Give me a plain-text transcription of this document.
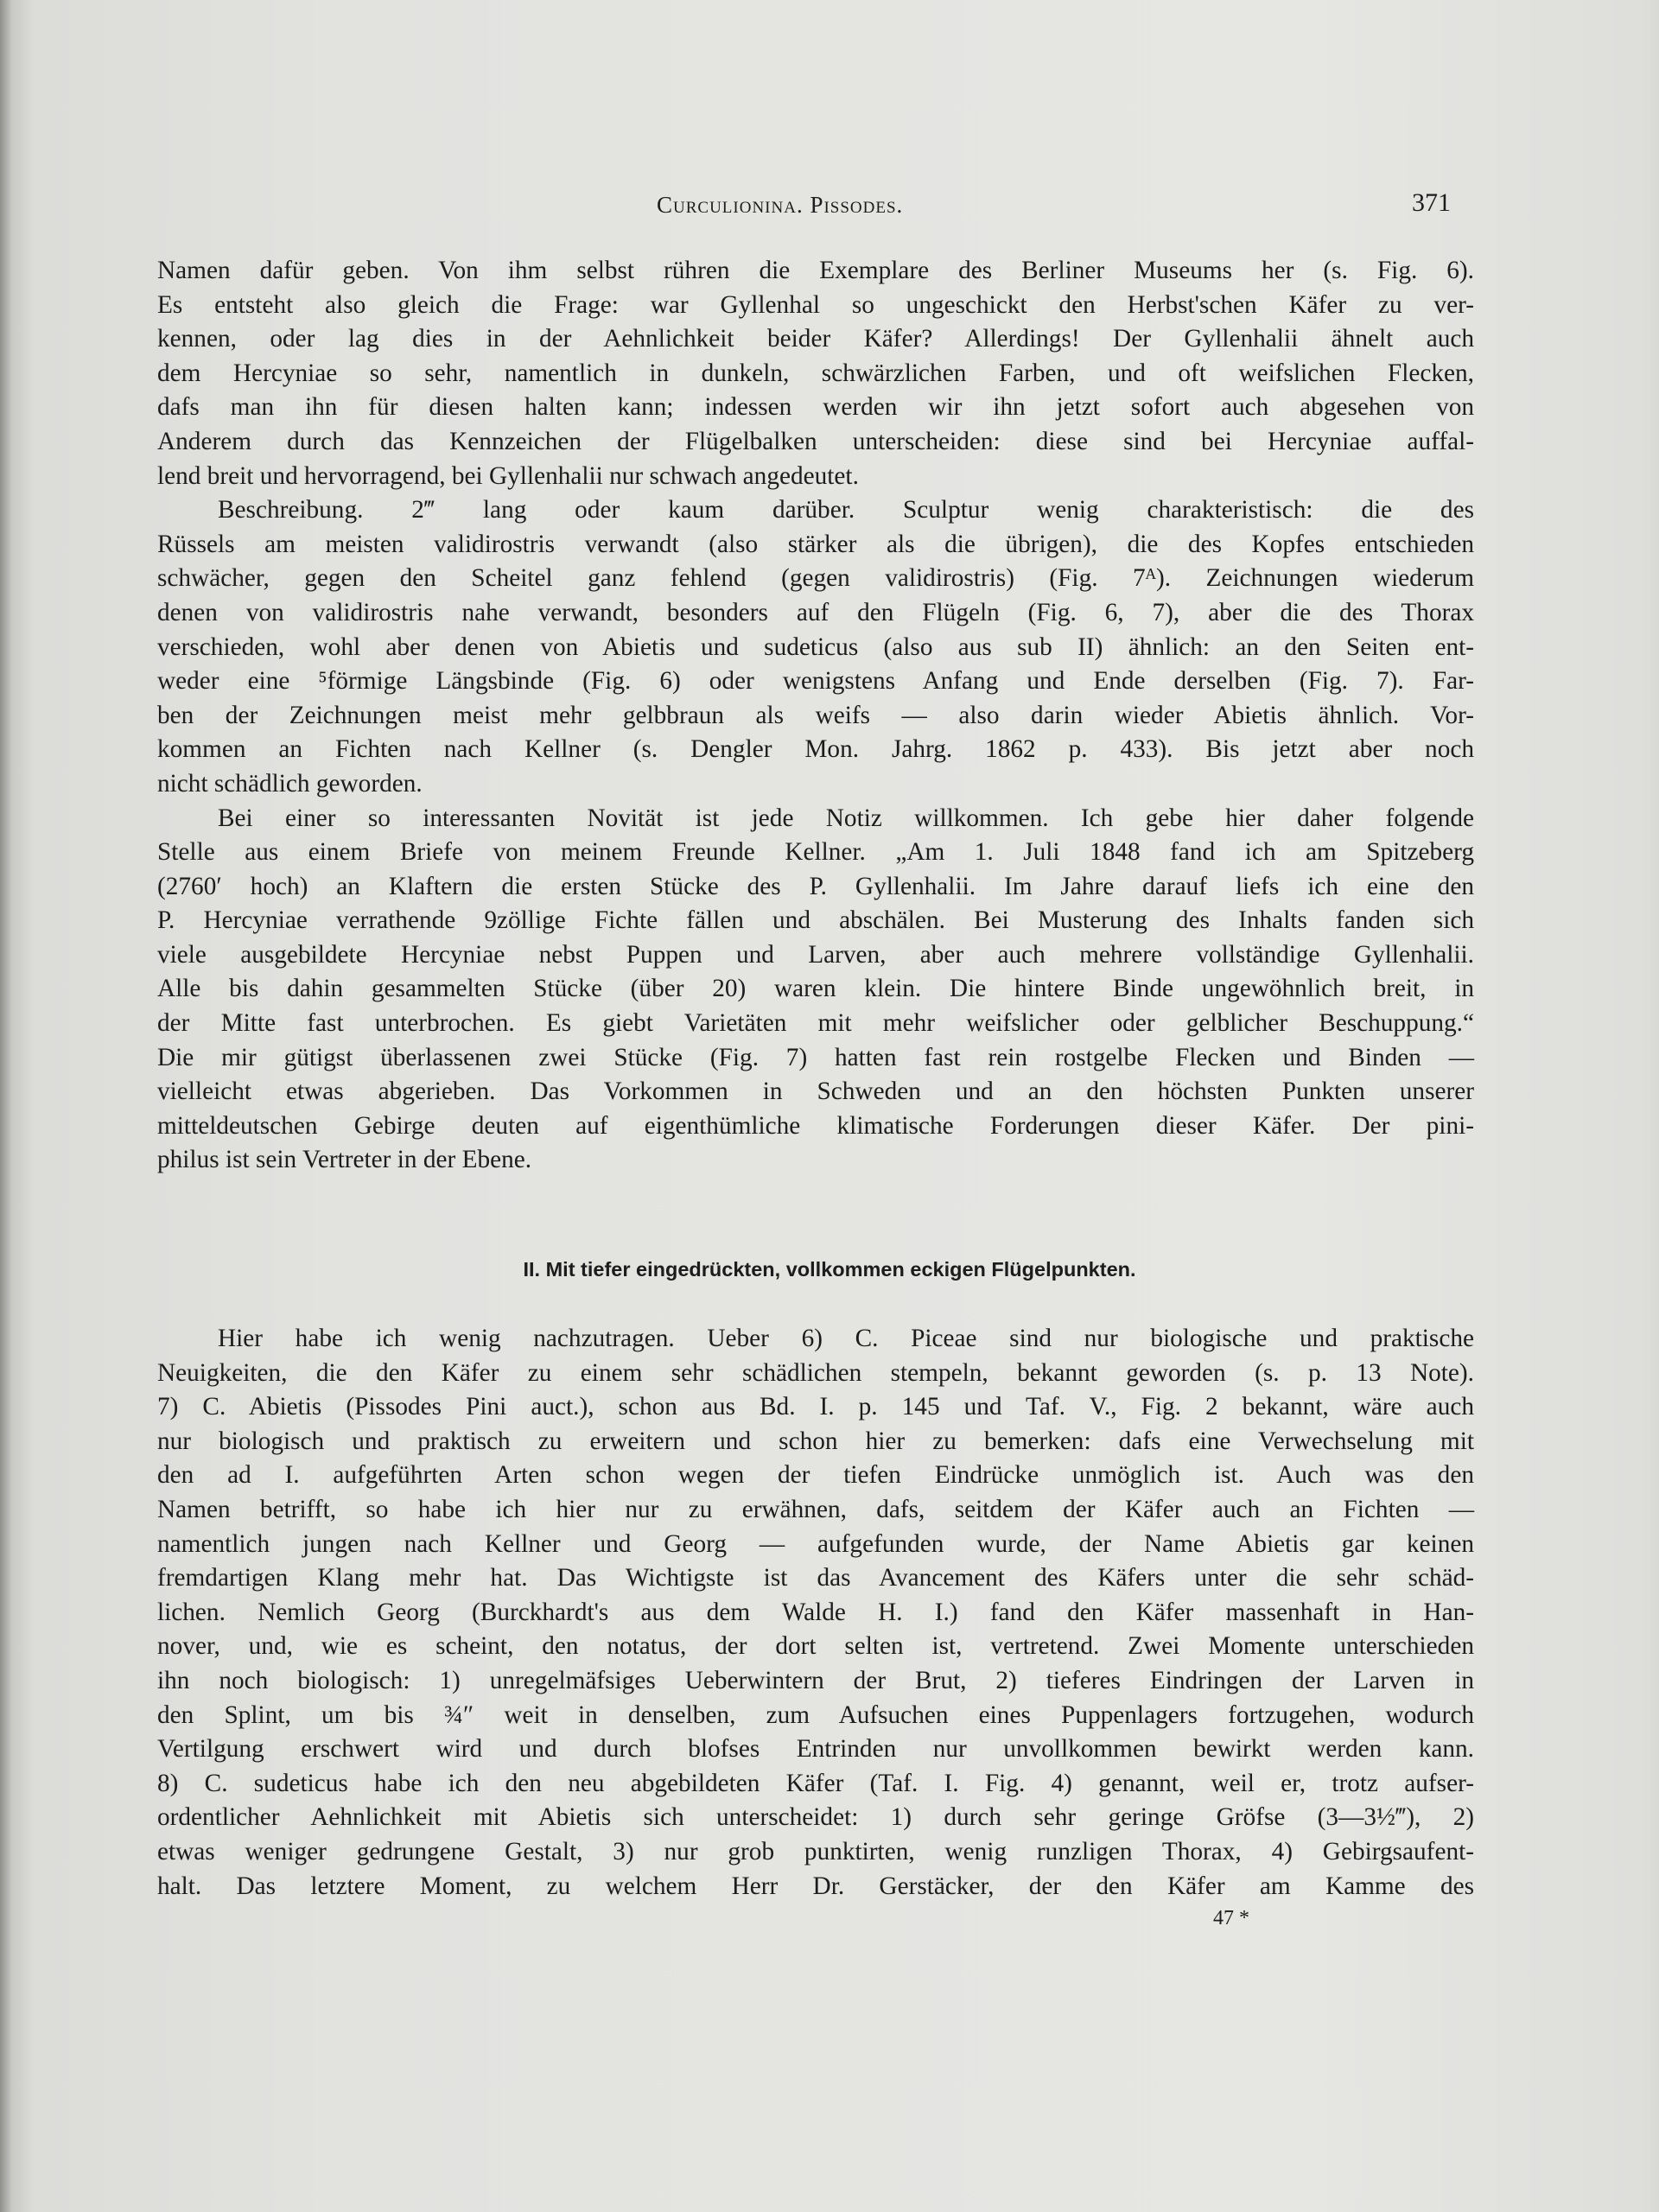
Curculionina. Pissodes.	371
Namen dafür geben. Von ihm selbst rühren die Exemplare des Berliner Museums her (s. Fig. 6).
Es entsteht also gleich die Frage: war Gyllenhal so ungeschickt den Herbst'schen Käfer zu ver-
kennen, oder lag dies in der Aehnlichkeit beider Käfer? Allerdings! Der Gyllenhalii ähnelt auch
dem Hercyniae so sehr, namentlich in dunkeln, schwärzlichen Farben, und oft weifslichen Flecken,
dafs man ihn für diesen halten kann; indessen werden wir ihn jetzt sofort auch abgesehen von
Anderem durch das Kennzeichen der Flügelbalken unterscheiden: diese sind bei Hercyniae auffal-
lend breit und hervorragend, bei Gyllenhalii nur schwach angedeutet.
Beschreibung. 2‴ lang oder kaum darüber. Sculptur wenig charakteristisch: die des
Rüssels am meisten validirostris verwandt (also stärker als die übrigen), die des Kopfes entschieden
schwächer, gegen den Scheitel ganz fehlend (gegen validirostris) (Fig. 7ᴬ). Zeichnungen wiederum
denen von validirostris nahe verwandt, besonders auf den Flügeln (Fig. 6, 7), aber die des Thorax
verschieden, wohl aber denen von Abietis und sudeticus (also aus sub II) ähnlich: an den Seiten ent-
weder eine ⁵förmige Längsbinde (Fig. 6) oder wenigstens Anfang und Ende derselben (Fig. 7). Far-
ben der Zeichnungen meist mehr gelbbraun als weifs — also darin wieder Abietis ähnlich. Vor-
kommen an Fichten nach Kellner (s. Dengler Mon. Jahrg. 1862 p. 433). Bis jetzt aber noch
nicht schädlich geworden.
Bei einer so interessanten Novität ist jede Notiz willkommen. Ich gebe hier daher folgende
Stelle aus einem Briefe von meinem Freunde Kellner. „Am 1. Juli 1848 fand ich am Spitzeberg
(2760′ hoch) an Klaftern die ersten Stücke des P. Gyllenhalii. Im Jahre darauf liefs ich eine den
P. Hercyniae verrathende 9zöllige Fichte fällen und abschälen. Bei Musterung des Inhalts fanden sich
viele ausgebildete Hercyniae nebst Puppen und Larven, aber auch mehrere vollständige Gyllenhalii.
Alle bis dahin gesammelten Stücke (über 20) waren klein. Die hintere Binde ungewöhnlich breit, in
der Mitte fast unterbrochen. Es giebt Varietäten mit mehr weifslicher oder gelblicher Beschuppung.“
Die mir gütigst überlassenen zwei Stücke (Fig. 7) hatten fast rein rostgelbe Flecken und Binden —
vielleicht etwas abgerieben. Das Vorkommen in Schweden und an den höchsten Punkten unserer
mitteldeutschen Gebirge deuten auf eigenthümliche klimatische Forderungen dieser Käfer. Der pini-
philus ist sein Vertreter in der Ebene.
II. Mit tiefer eingedrückten, vollkommen eckigen Flügelpunkten.
Hier habe ich wenig nachzutragen. Ueber 6) C. Piceae sind nur biologische und praktische
Neuigkeiten, die den Käfer zu einem sehr schädlichen stempeln, bekannt geworden (s. p. 13 Note).
7) C. Abietis (Pissodes Pini auct.), schon aus Bd. I. p. 145 und Taf. V., Fig. 2 bekannt, wäre auch
nur biologisch und praktisch zu erweitern und schon hier zu bemerken: dafs eine Verwechselung mit
den ad I. aufgeführten Arten schon wegen der tiefen Eindrücke unmöglich ist. Auch was den
Namen betrifft, so habe ich hier nur zu erwähnen, dafs, seitdem der Käfer auch an Fichten —
namentlich jungen nach Kellner und Georg — aufgefunden wurde, der Name Abietis gar keinen
fremdartigen Klang mehr hat. Das Wichtigste ist das Avancement des Käfers unter die sehr schäd-
lichen. Nemlich Georg (Burckhardt's aus dem Walde H. I.) fand den Käfer massenhaft in Han-
nover, und, wie es scheint, den notatus, der dort selten ist, vertretend. Zwei Momente unterschieden
ihn noch biologisch: 1) unregelmäfsiges Ueberwintern der Brut, 2) tieferes Eindringen der Larven in
den Splint, um bis ¾″ weit in denselben, zum Aufsuchen eines Puppenlagers fortzugehen, wodurch
Vertilgung erschwert wird und durch blofses Entrinden nur unvollkommen bewirkt werden kann.
8) C. sudeticus habe ich den neu abgebildeten Käfer (Taf. I. Fig. 4) genannt, weil er, trotz aufser-
ordentlicher Aehnlichkeit mit Abietis sich unterscheidet: 1) durch sehr geringe Gröfse (3—3½‴), 2)
etwas weniger gedrungene Gestalt, 3) nur grob punktirten, wenig runzligen Thorax, 4) Gebirgsaufent-
halt. Das letztere Moment, zu welchem Herr Dr. Gerstäcker, der den Käfer am Kamme des
47 *
